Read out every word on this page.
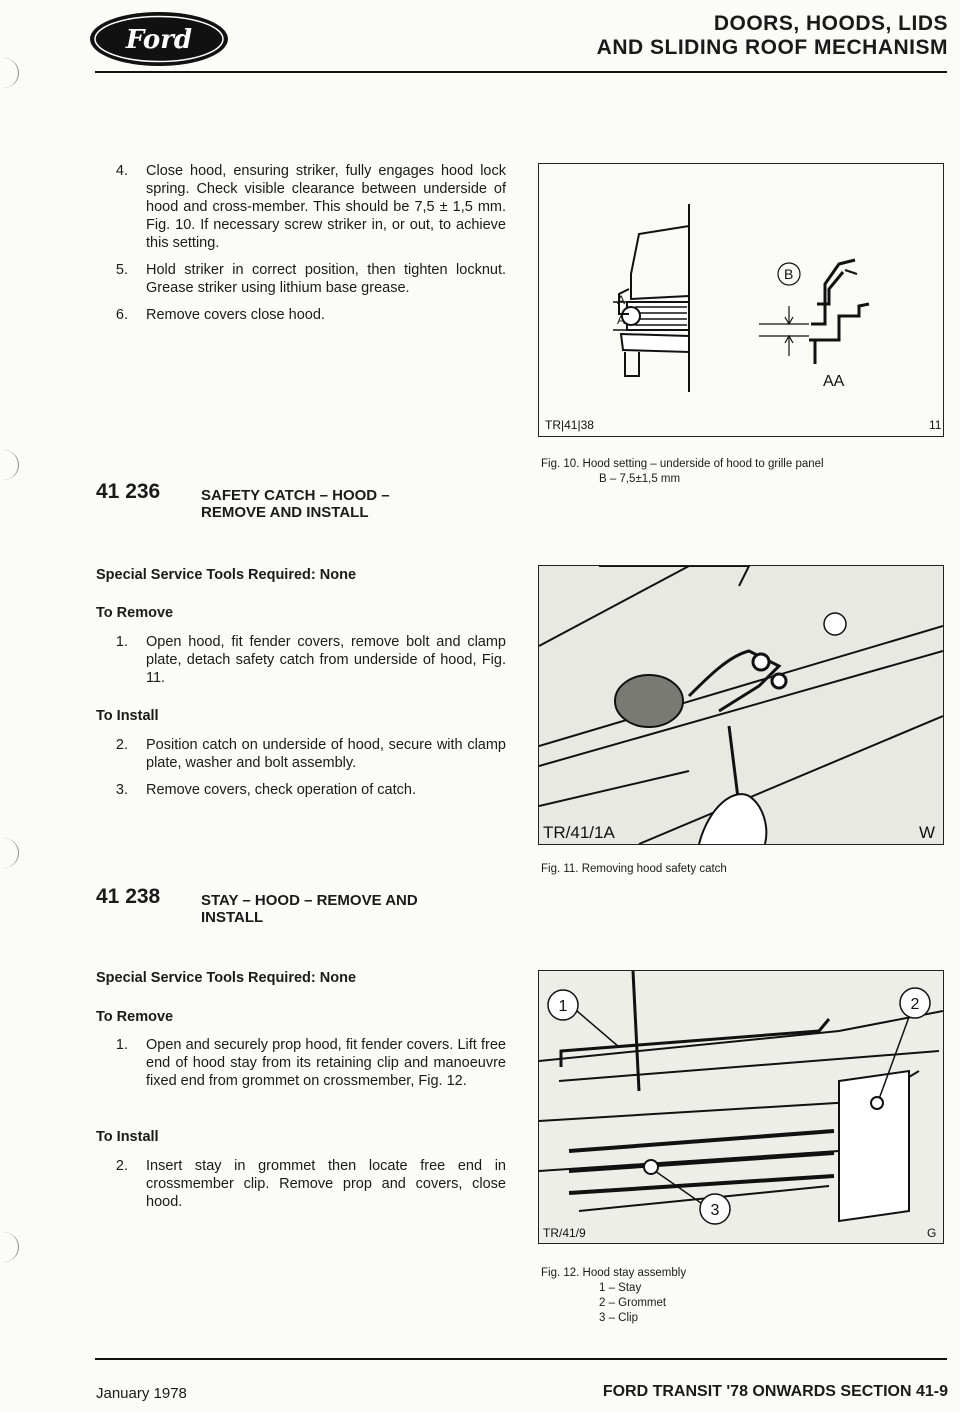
Ford
DOORS, HOODS, LIDS
AND SLIDING ROOF MECHANISM
4.	Close hood, ensuring striker, fully engages hood lock spring. Check visible clearance between underside of hood and cross-member. This should be 7,5 ± 1,5 mm. Fig. 10. If necessary screw striker in, or out, to achieve this setting.
5.	Hold striker in correct position, then tighten locknut. Grease striker using lithium base grease.
6.	Remove covers close hood.
41 236	SAFETY CATCH – HOOD –
REMOVE AND INSTALL
Special Service Tools Required: None
To Remove
1.	Open hood, fit fender covers, remove bolt and clamp plate, detach safety catch from underside of hood, Fig. 11.
To Install
2.	Position catch on underside of hood, secure with clamp plate, washer and bolt assembly.
3.	Remove covers, check operation of catch.
41 238	STAY – HOOD – REMOVE AND
INSTALL
Special Service Tools Required: None
To Remove
1.	Open and securely prop hood, fit fender covers. Lift free end of hood stay from its retaining clip and manoeuvre fixed end from grommet on crossmember, Fig. 12.
To Install
2.	Insert stay in grommet then locate free end in crossmember clip. Remove prop and covers, close hood.
A
A
B
AA
TR|41|38	11
Fig. 10. Hood setting – underside of hood to grille panel
B – 7,5±1,5 mm
TR/41/1A	W
Fig. 11. Removing hood safety catch
1	2
3
TR/41/9	G
Fig. 12. Hood stay assembly
1 – Stay
2 – Grommet
3 – Clip
January 1978	FORD TRANSIT '78 ONWARDS SECTION 41-9
